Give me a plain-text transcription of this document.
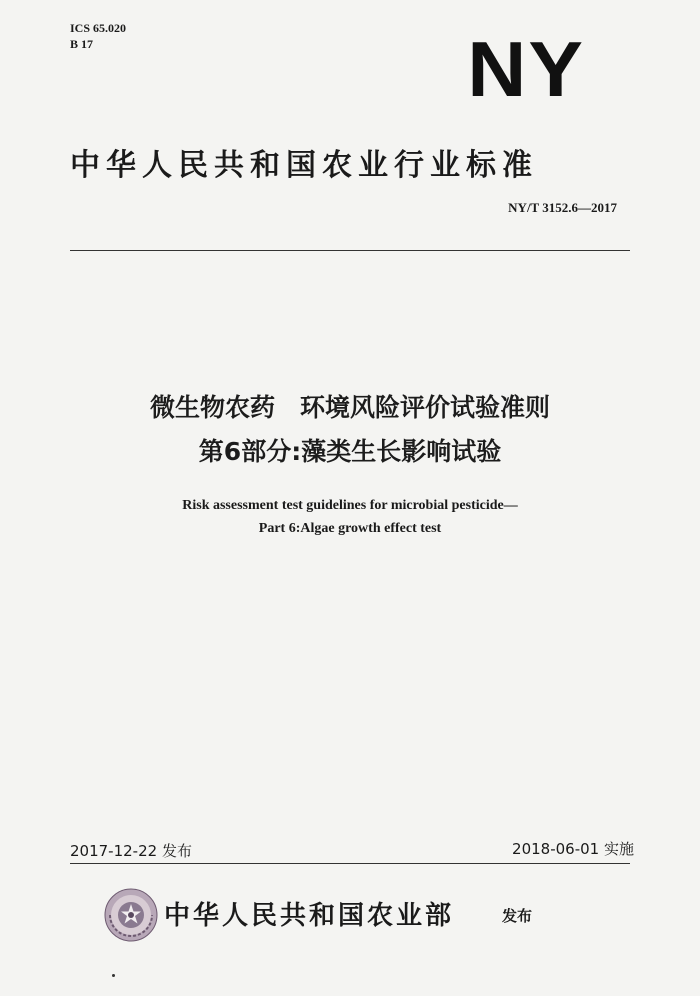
ICS 65.020
B 17	NY
中华人民共和国农业行业标准
NY/T 3152.6—2017
微生物农药　环境风险评价试验准则
第6部分:藻类生长影响试验
Risk assessment test guidelines for microbial pesticide—
Part 6:Algae growth effect test
2017-12-22 发布	2018-06-01 实施
中华人民共和国农业部	发布
